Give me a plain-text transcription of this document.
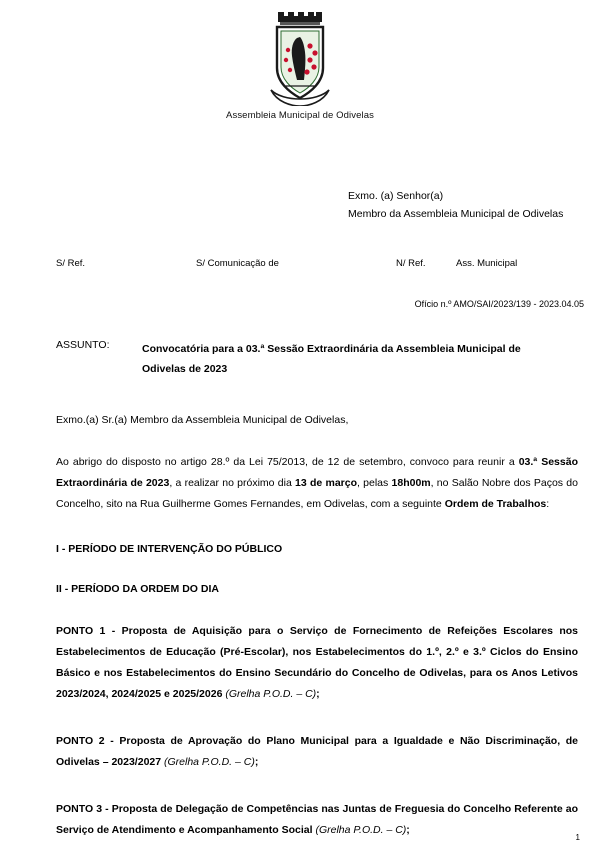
Assembleia Municipal de Odivelas
Exmo. (a) Senhor(a)
Membro da Assembleia Municipal de Odivelas
S/ Ref.	S/ Comunicação de	N/ Ref.	Ass. Municipal
Ofício n.º AMO/SAI/2023/139 - 2023.04.05
ASSUNTO:	Convocatória para a 03.ª Sessão Extraordinária da Assembleia Municipal de
Odivelas de 2023
Exmo.(a) Sr.(a) Membro da Assembleia Municipal de Odivelas,
Ao abrigo do disposto no artigo 28.º da Lei 75/2013, de 12 de setembro, convoco para reunir a 03.ª Sessão Extraordinária de 2023, a realizar no próximo dia 13 de março, pelas 18h00m, no Salão Nobre dos Paços do Concelho, sito na Rua Guilherme Gomes Fernandes, em Odivelas, com a seguinte Ordem de Trabalhos:
I - PERÍODO DE INTERVENÇÃO DO PÚBLICO
II - PERÍODO DA ORDEM DO DIA
PONTO 1 - Proposta de Aquisição para o Serviço de Fornecimento de Refeições Escolares nos Estabelecimentos de Educação (Pré-Escolar), nos Estabelecimentos do 1.º, 2.º e 3.º Ciclos do Ensino Básico e nos Estabelecimentos do Ensino Secundário do Concelho de Odivelas, para os Anos Letivos 2023/2024, 2024/2025 e 2025/2026 (Grelha P.O.D. – C);
PONTO 2 - Proposta de Aprovação do Plano Municipal para a Igualdade e Não Discriminação, de Odivelas – 2023/2027 (Grelha P.O.D. – C);
PONTO 3 - Proposta de Delegação de Competências nas Juntas de Freguesia do Concelho Referente ao Serviço de Atendimento e Acompanhamento Social (Grelha P.O.D. – C);
1
